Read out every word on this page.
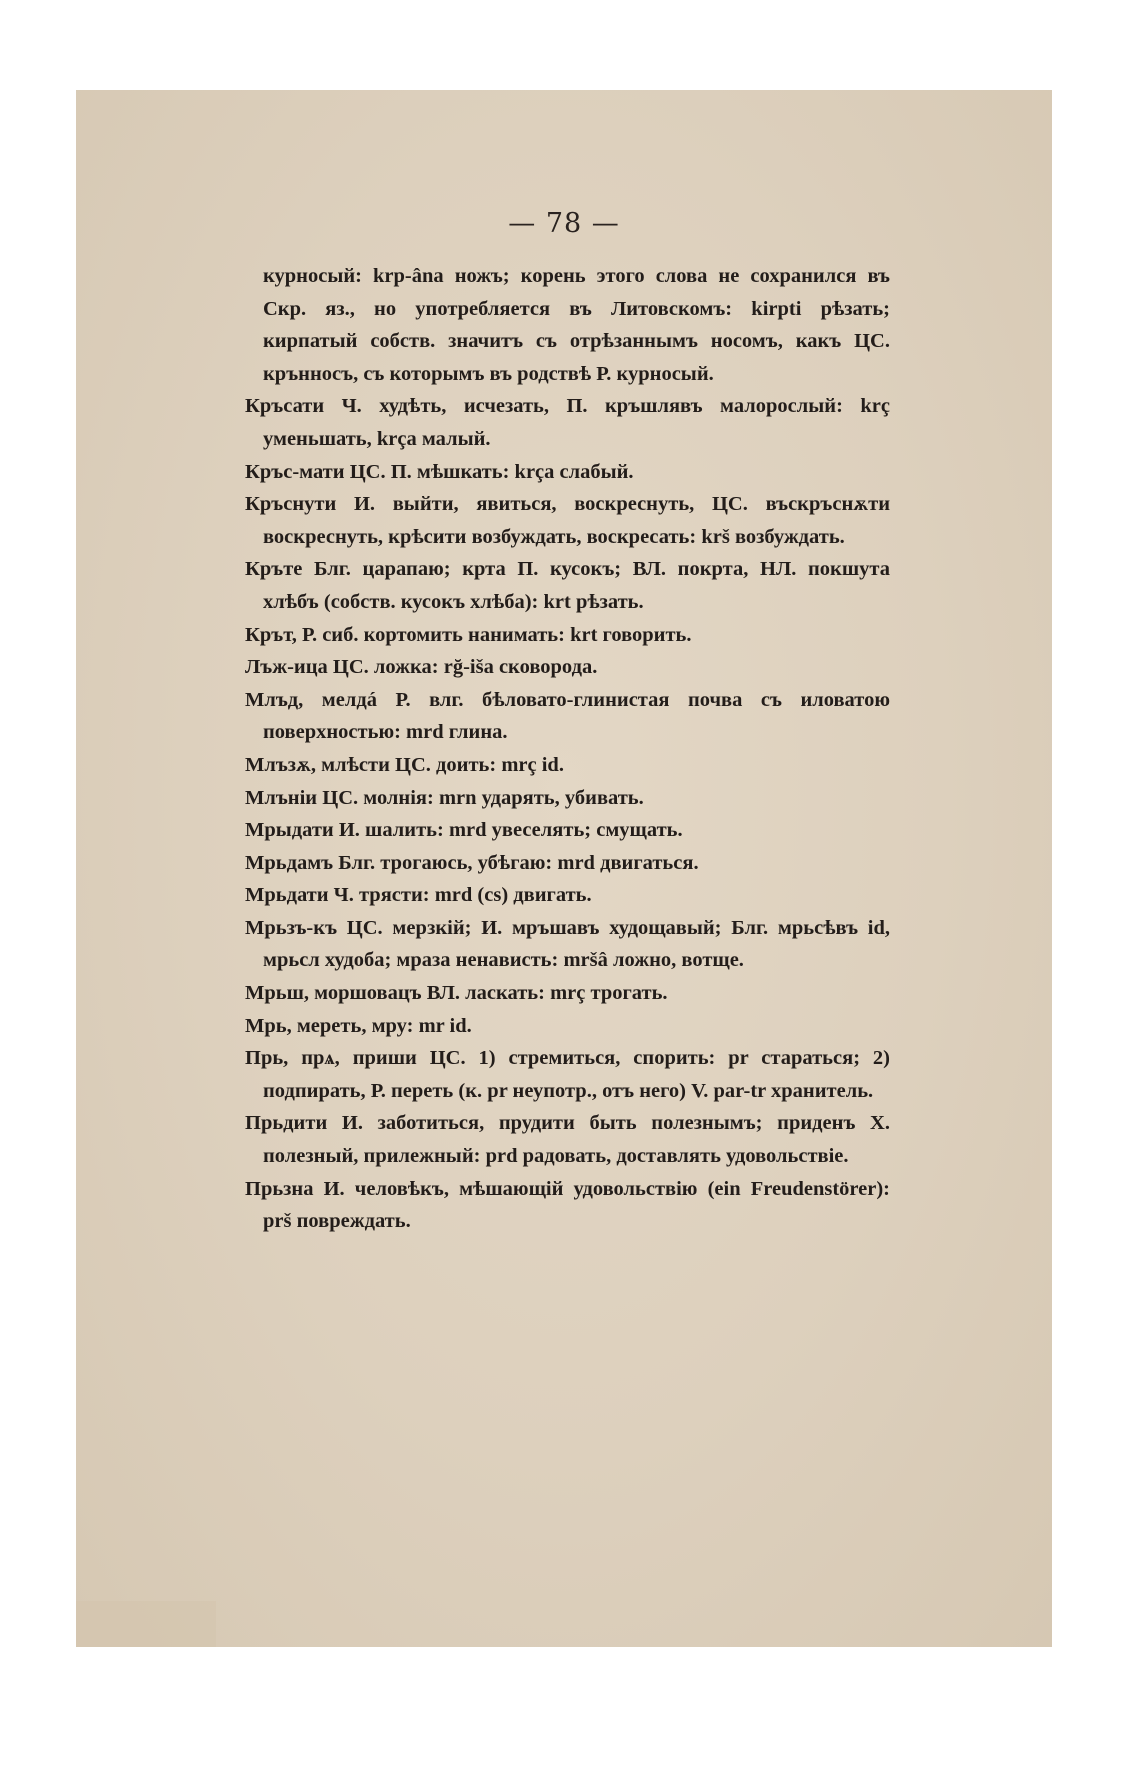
— 78 —

курносый: krp-âna ножъ; корень этого слова не сохранился въ Скр. яз., но употребляется въ Литовскомъ: kirpti рѣзать; кирпатый собств. значитъ съ отрѣзаннымъ носомъ, какъ ЦС. крънносъ, съ которымъ въ родствѣ Р. курносый.

Кръсати Ч. худѣть, исчезать, П. кръшлявъ малорослый: krç уменьшать, krça малый.

Кръс-мати ЦС. П. мѣшкать: krça слабый.

Кръснути И. выйти, явиться, воскреснуть, ЦС. въскръснѫти воскреснуть, крѣсити возбуждать, воскресать: krš возбуждать.

Кръте Блг. царапаю; крта П. кусокъ; ВЛ. покрта, НЛ. покшута хлѣбъ (собств. кусокъ хлѣба): krt рѣзать.

Крът, Р. сиб. кортомить нанимать: krt говорить.

Лъж-ица ЦС. ложка: rğ-iša сковорода.

Млъд, мелдá Р. влг. бѣловато-глинистая почва съ иловатою поверхностью: mrd глина.

Млъзѫ, млѣсти ЦС. доить: mrç id.

Млъніи ЦС. молнія: mrn ударять, убивать.

Мрыдати И. шалить: mrd увеселять; смущать.

Мрьдамъ Блг. трогаюсь, убѣгаю: mrd двигаться.

Мрьдати Ч. трясти: mrd (cs) двигать.

Мрьзъ-къ ЦС. мерзкій; И. мръшавъ худощавый; Блг. мрьсѣвъ id, мрьсл худоба; мраза ненависть: mršâ ложно, вотще.

Мрьш, моршовацъ ВЛ. ласкать: mrç трогать.

Мрь, мереть, мру: mr id.

Прь, прѧ, приши ЦС. 1) стремиться, спорить: pr стараться; 2) подпирать, Р. переть (к. pr неупотр., отъ него) V. par-tr хранитель.

Прьдити И. заботиться, прудити быть полезнымъ; приденъ Х. полезный, прилежный: prd радовать, доставлять удовольствіе.

Прьзна И. человѣкъ, мѣшающій удовольствію (ein Freudenstörer): prš повреждать.
